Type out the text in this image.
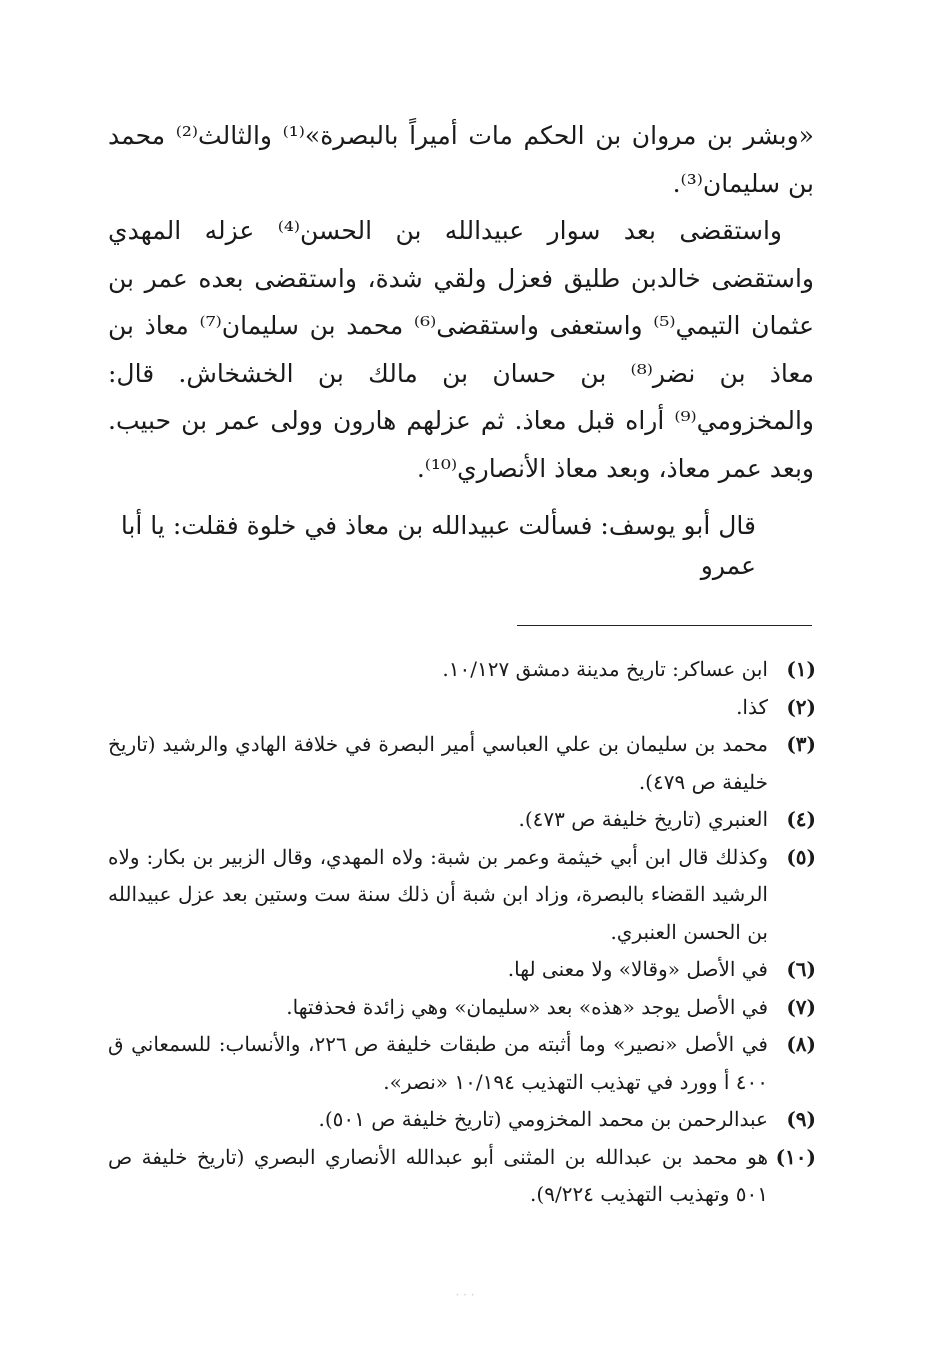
«وبشر بن مروان بن الحكم مات أميراً بالبصرة»⁽¹⁾ والثالث⁽²⁾ محمد بن سليمان⁽³⁾.

واستقضى بعد سوار عبيدالله بن الحسن⁽⁴⁾ عزله المهدي واستقضى خالدبن طليق فعزل ولقي شدة، واستقضى بعده عمر بن عثمان التيمي⁽⁵⁾ واستعفى واستقضى⁽⁶⁾ محمد بن سليمان⁽⁷⁾ معاذ بن معاذ بن نضر⁽⁸⁾ بن حسان بن مالك بن الخشخاش. قال: والمخزومي⁽⁹⁾ أراه قبل معاذ. ثم عزلهم هارون وولى عمر بن حبيب. وبعد عمر معاذ، وبعد معاذ الأنصاري⁽¹⁰⁾.

قال أبو يوسف: فسألت عبيدالله بن معاذ في خلوة فقلت: يا أبا عمرو
(١)
ابن عساكر: تاريخ مدينة دمشق ١٠/١٢٧.
(٢)
كذا.
(٣)
محمد بن سليمان بن علي العباسي أمير البصرة في خلافة الهادي والرشيد (تاريخ خليفة ص ٤٧٩).
(٤)
العنبري (تاريخ خليفة ص ٤٧٣).
(٥)
وكذلك قال ابن أبي خيثمة وعمر بن شبة: ولاه المهدي، وقال الزبير بن بكار: ولاه الرشيد القضاء بالبصرة، وزاد ابن شبة أن ذلك سنة ست وستين بعد عزل عبيدالله بن الحسن العنبري.
(٦)
في الأصل «وقالا» ولا معنى لها.
(٧)
في الأصل يوجد «هذه» بعد «سليمان» وهي زائدة فحذفتها.
(٨)
في الأصل «نصير» وما أثبته من طبقات خليفة ص ٢٢٦، والأنساب: للسمعاني ق ٤٠٠ أ وورد في تهذيب التهذيب ١٠/١٩٤ «نصر».
(٩)
عبدالرحمن بن محمد المخزومي (تاريخ خليفة ص ٥٠١).
(١٠)
هو محمد بن عبدالله بن المثنى أبو عبدالله الأنصاري البصري (تاريخ خليفة ص ٥٠١ وتهذيب التهذيب ٩/٢٢٤).
· · ·
